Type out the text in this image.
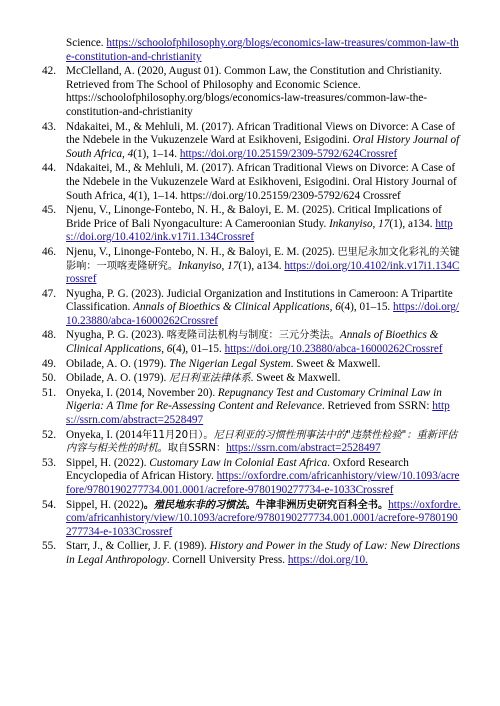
Science. https://schoolofphilosophy.org/blogs/economics-law-treasures/common-law-the-constitution-and-christianity
42. McClelland, A. (2020, August 01). Common Law, the Constitution and Christianity. Retrieved from The School of Philosophy and Economic Science. https://schoolofphilosophy.org/blogs/economics-law-treasures/common-law-the-constitution-and-christianity
43. Ndakaitei, M., & Mehluli, M. (2017). African Traditional Views on Divorce: A Case of the Ndebele in the Vukuzenzele Ward at Esikhoveni, Esigodini. Oral History Journal of South Africa, 4(1), 1–14. https://doi.org/10.25159/2309-5792/624Crossref
44. Ndakaitei, M., & Mehluli, M. (2017). African Traditional Views on Divorce: A Case of the Ndebele in the Vukuzenzele Ward at Esikhoveni, Esigodini. Oral History Journal of South Africa, 4(1), 1–14. https://doi.org/10.25159/2309-5792/624 Crossref
45. Njenu, V., Linonge-Fontebo, N. H., & Baloyi, E. M. (2025). Critical Implications of Bride Price of Bali Nyongaculture: A Cameroonian Study. Inkanyiso, 17(1), a134. https://doi.org/10.4102/ink.v17i1.134Crossref
46. Njenu, V., Linonge-Fontebo, N. H., & Baloyi, E. M. (2025). 巴里尼永加文化彩礼的关键影响：一项喀麦隆研究。Inkanyiso, 17(1), a134. https://doi.org/10.4102/ink.v17i1.134Crossref
47. Nyugha, P. G. (2023). Judicial Organization and Institutions in Cameroon: A Tripartite Classification. Annals of Bioethics & Clinical Applications, 6(4), 01–15. https://doi.org/10.23880/abca-16000262Crossref
48. Nyugha, P. G. (2023). 喀麦隆司法机构与制度：三元分类法。Annals of Bioethics & Clinical Applications, 6(4), 01–15. https://doi.org/10.23880/abca-16000262Crossref
49. Obilade, A. O. (1979). The Nigerian Legal System. Sweet & Maxwell.
50. Obilade, A. O. (1979). 尼日利亚法律体系. Sweet & Maxwell.
51. Onyeka, I. (2014, November 20). Repugnancy Test and Customary Criminal Law in Nigeria: A Time for Re-Assessing Content and Relevance. Retrieved from SSRN: https://ssrn.com/abstract=2528497
52. Onyeka, I. (2014年11月20日）。尼日利亚的习惯性刑事法中的"违禁性检验"：重新评估内容与相关性的时机。取自SSRN：https://ssrn.com/abstract=2528497
53. Sippel, H. (2022). Customary Law in Colonial East Africa. Oxford Research Encyclopedia of African History. https://oxfordre.com/africanhistory/view/10.1093/acrefore/9780190277734.001.0001/acrefore-9780190277734-e-1033Crossref
54. Sippel, H. (2022)。殖民地东非的习惯法。牛津非洲历史研究百科全书。https://oxfordre.com/africanhistory/view/10.1093/acrefore/9780190277734.001.0001/acrefore-9780190277734-e-1033Crossref
55. Starr, J., & Collier, J. F. (1989). History and Power in the Study of Law: New Directions in Legal Anthropology. Cornell University Press. https://doi.org/10.
